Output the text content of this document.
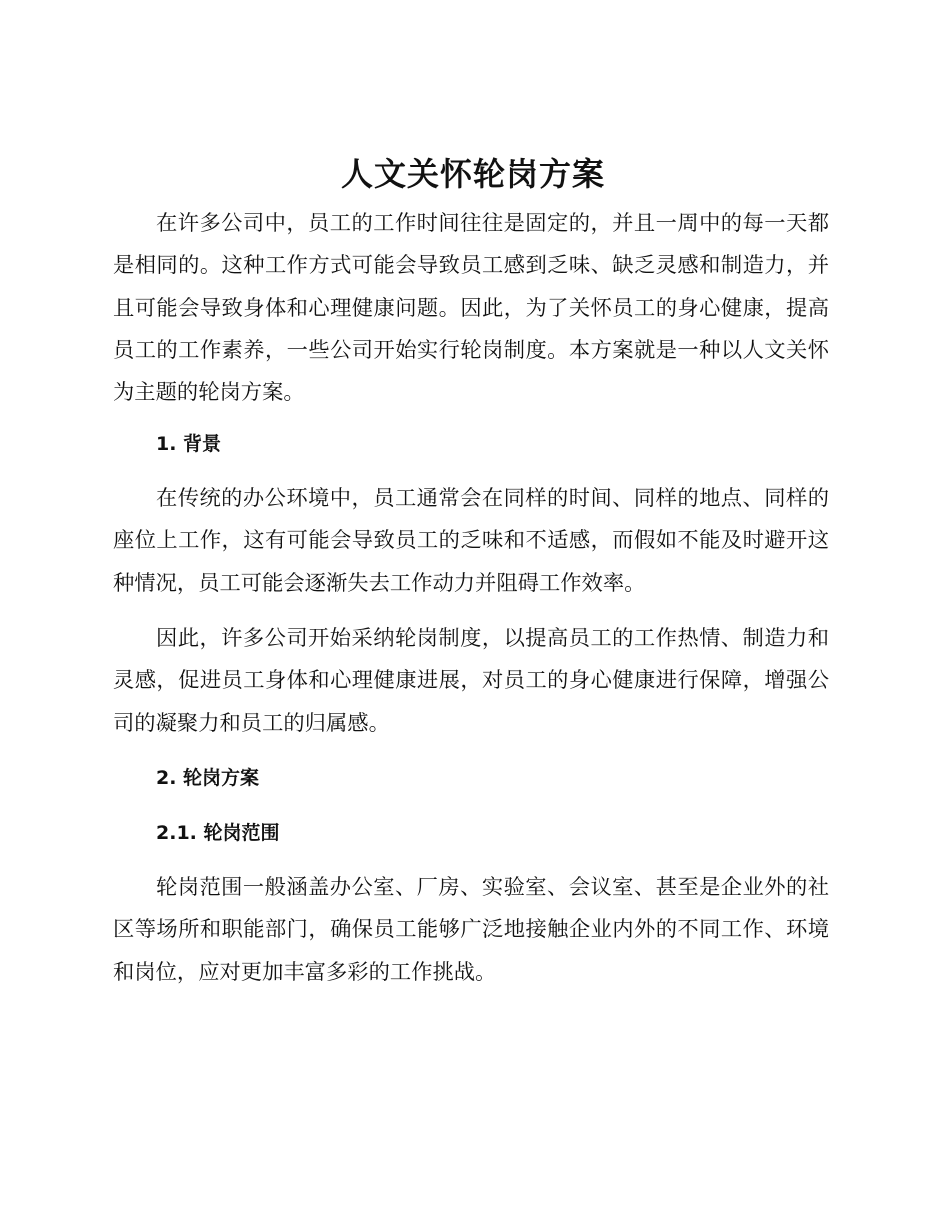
人文关怀轮岗方案

在许多公司中，员工的工作时间往往是固定的，并且一周中的每一天都是相同的。这种工作方式可能会导致员工感到乏味、缺乏灵感和制造力，并且可能会导致身体和心理健康问题。因此，为了关怀员工的身心健康，提高员工的工作素养，一些公司开始实行轮岗制度。本方案就是一种以人文关怀为主题的轮岗方案。

1. 背景

在传统的办公环境中，员工通常会在同样的时间、同样的地点、同样的座位上工作，这有可能会导致员工的乏味和不适感，而假如不能及时避开这种情况，员工可能会逐渐失去工作动力并阻碍工作效率。

因此，许多公司开始采纳轮岗制度，以提高员工的工作热情、制造力和灵感，促进员工身体和心理健康进展，对员工的身心健康进行保障，增强公司的凝聚力和员工的归属感。

2. 轮岗方案
2.1. 轮岗范围

轮岗范围一般涵盖办公室、厂房、实验室、会议室、甚至是企业外的社区等场所和职能部门，确保员工能够广泛地接触企业内外的不同工作、环境和岗位，应对更加丰富多彩的工作挑战。
